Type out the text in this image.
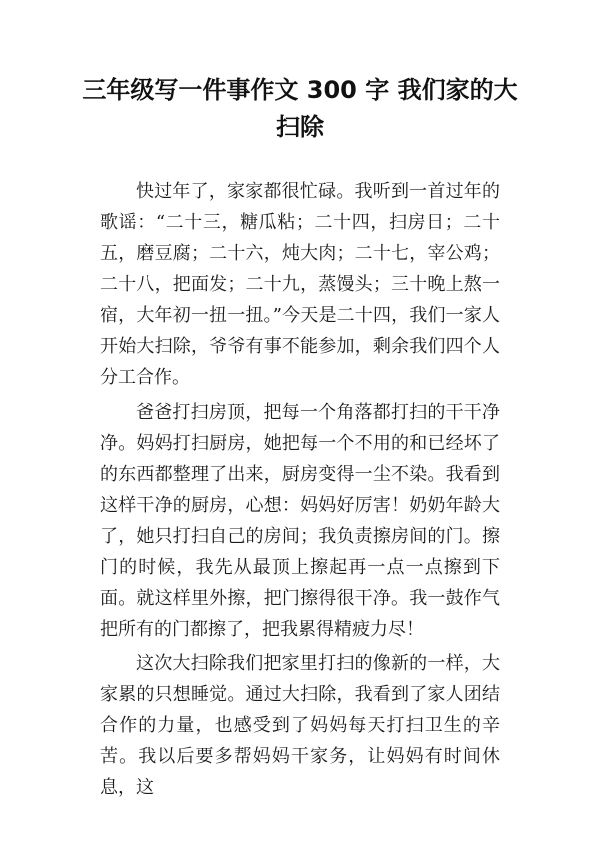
三年级写一件事作文 300 字 我们家的大扫除

快过年了，家家都很忙碌。我听到一首过年的歌谣：“二十三，糖瓜粘；二十四，扫房日；二十五，磨豆腐；二十六，炖大肉；二十七，宰公鸡；二十八，把面发；二十九，蒸馒头；三十晚上熬一宿，大年初一扭一扭。”今天是二十四，我们一家人开始大扫除，爷爷有事不能参加，剩余我们四个人分工合作。

爸爸打扫房顶，把每一个角落都打扫的干干净净。妈妈打扫厨房，她把每一个不用的和已经坏了的东西都整理了出来，厨房变得一尘不染。我看到这样干净的厨房，心想：妈妈好厉害！奶奶年龄大了，她只打扫自己的房间；我负责擦房间的门。擦门的时候，我先从最顶上擦起再一点一点擦到下面。就这样里外擦，把门擦得很干净。我一鼓作气把所有的门都擦了，把我累得精疲力尽！

这次大扫除我们把家里打扫的像新的一样，大家累的只想睡觉。通过大扫除，我看到了家人团结合作的力量，也感受到了妈妈每天打扫卫生的辛苦。我以后要多帮妈妈干家务，让妈妈有时间休息，这
